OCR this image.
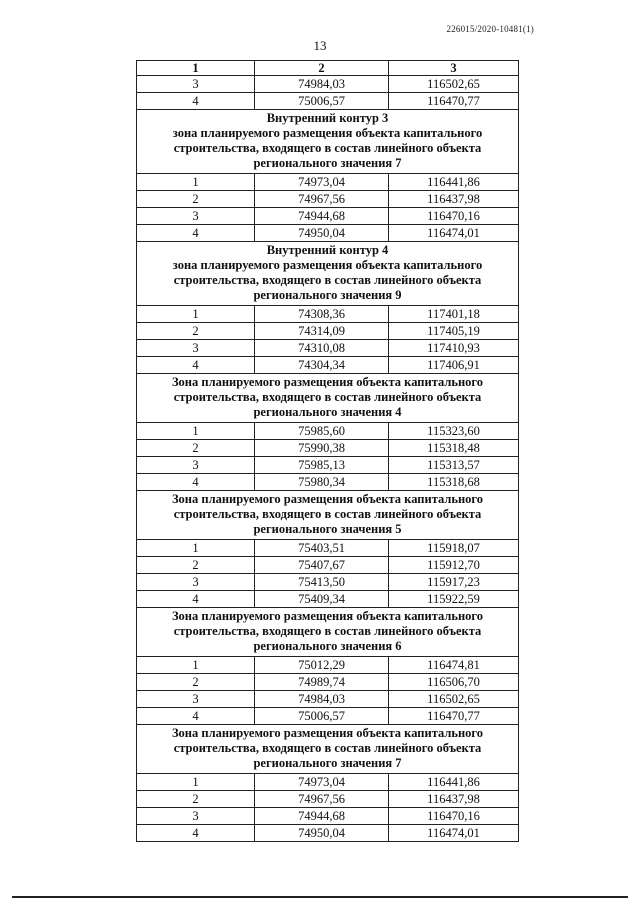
226015/2020-10481(1)
13
1	2	3
3	74984,03	116502,65
4	75006,57	116470,77

Внутренний контур 3
зона планируемого размещения объекта капитального
строительства, входящего в состав линейного объекта
регионального значения 7		

1	74973,04	116441,86
2	74967,56	116437,98
3	74944,68	116470,16
4	74950,04	116474,01

Внутренний контур 4
зона планируемого размещения объекта капитального
строительства, входящего в состав линейного объекта
регионального значения 9		

1	74308,36	117401,18
2	74314,09	117405,19
3	74310,08	117410,93
4	74304,34	117406,91

Зона планируемого размещения объекта капитального
строительства, входящего в состав линейного объекта
регионального значения 4		

1	75985,60	115323,60
2	75990,38	115318,48
3	75985,13	115313,57
4	75980,34	115318,68

Зона планируемого размещения объекта капитального
строительства, входящего в состав линейного объекта
регионального значения 5		

1	75403,51	115918,07
2	75407,67	115912,70
3	75413,50	115917,23
4	75409,34	115922,59

Зона планируемого размещения объекта капитального
строительства, входящего в состав линейного объекта
регионального значения 6		

1	75012,29	116474,81
2	74989,74	116506,70
3	74984,03	116502,65
4	75006,57	116470,77

Зона планируемого размещения объекта капитального
строительства, входящего в состав линейного объекта
регионального значения 7		

1	74973,04	116441,86
2	74967,56	116437,98
3	74944,68	116470,16
4	74950,04	116474,01
